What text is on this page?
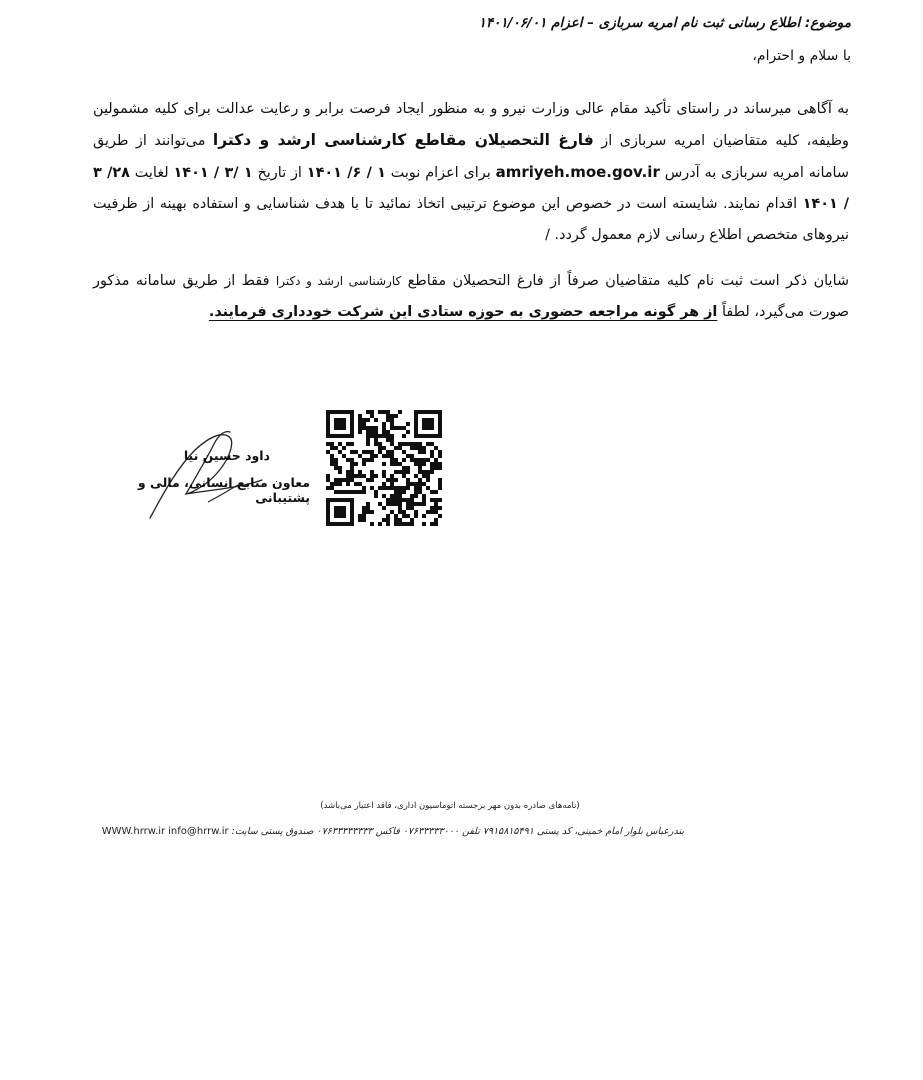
موضوع: اطلاع رسانی ثبت نام امریه سربازی – اعزام ۱۴۰۱/۰۶/۰۱
با سلام و احترام،
به آگاهی میرساند در راستای تأکید مقام عالی وزارت نیرو و به منظور ایجاد فرصت برابر و رعایت عدالت برای کلیه مشمولین وظیفه، کلیه متقاضیان امریه سربازی از فارغ التحصیلان مقاطع کارشناسی ارشد و دکترا می‌توانند از طریق سامانه امریه سربازی به آدرس amriyeh.moe.gov.ir برای اعزام نوبت ۱ / ۶/ ۱۴۰۱ از تاریخ ۱ /۳ / ۱۴۰۱ لغایت ۲۸/ ۳ / ۱۴۰۱ اقدام نمایند. شایسته است در خصوص این موضوع ترتیبی اتخاذ نمائید تا با هدف شناسایی و استفاده بهینه از ظرفیت نیروهای متخصص اطلاع رسانی لازم معمول گردد. /
شایان ذکر است ثبت نام کلیه متقاضیان صرفاً از فارغ التحصیلان مقاطع کارشناسی ارشد و دکترا فقط از طریق سامانه مذکور صورت می‌گیرد، لطفاً از هر گونه مراجعه حضوری به حوزه ستادی این شرکت خودداری فرمایند.
داود حسین نیا
معاون منابع انسانی، مالی و پشتیبانی
(نامه‌های صادره بدون مهر برجسته اتوماسیون اداری، فاقد اعتبار می‌باشد)
بندرعباس بلوار امام خمینی، کد پستی ۷۹۱۵۸۱۵۴۹۱ تلفن ۰۷۶۳۳۳۳۳۰۰۰ فاکس ۰۷۶۳۳۳۳۳۳۳۳ صندوق پستی سایت: WWW.hrrw.ir info@hrrw.ir
